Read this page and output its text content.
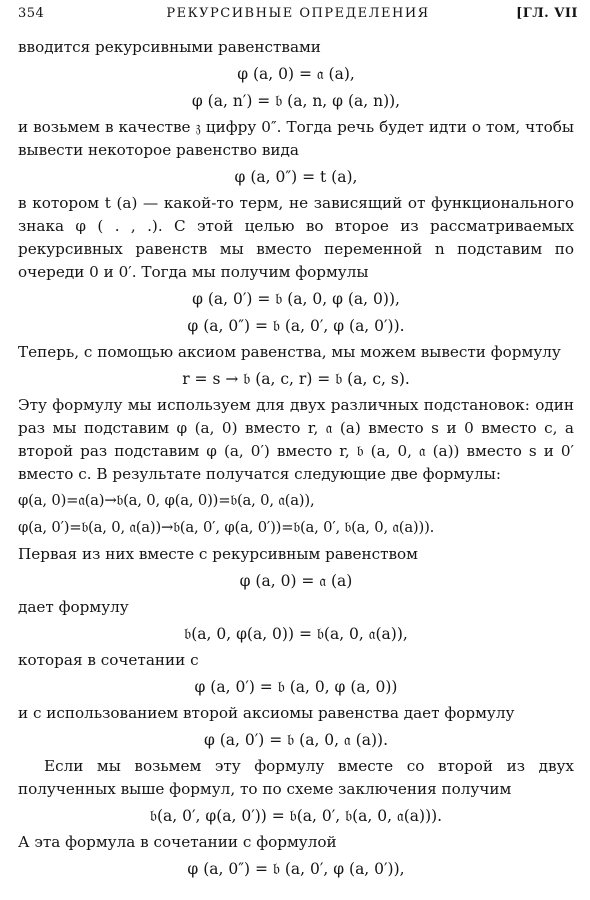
354	РЕКУРСИВНЫЕ ОПРЕДЕЛЕНИЯ	[ГЛ. VII

вводится рекурсивными равенствами

φ (a, 0) = 𝔞 (a),
φ (a, n′) = 𝔟 (a, n, φ (a, n)),

и возьмем в качестве 𝔷 цифру 0″. Тогда речь будет идти о том, чтобы вывести некоторое равенство вида

φ (a, 0″) = t (a),

в котором t (a) — какой-то терм, не зависящий от функционального знака φ ( . , .). С этой целью во второе из рассматриваемых рекурсивных равенств мы вместо переменной n подставим по очереди 0 и 0′. Тогда мы получим формулы

φ (a, 0′) = 𝔟 (a, 0, φ (a, 0)),
φ (a, 0″) = 𝔟 (a, 0′, φ (a, 0′)).

Теперь, с помощью аксиом равенства, мы можем вывести формулу

r = s → 𝔟 (a, c, r) = 𝔟 (a, c, s).

Эту формулу мы используем для двух различных подстановок: один раз мы подставим φ (a, 0) вместо r, 𝔞 (a) вместо s и 0 вместо c, а второй раз подставим φ (a, 0′) вместо r, 𝔟 (a, 0, 𝔞 (a)) вместо s и 0′ вместо c. В результате получатся следующие две формулы:

φ(a, 0)=𝔞(a)→𝔟(a, 0, φ(a, 0))=𝔟(a, 0, 𝔞(a)),
φ(a, 0′)=𝔟(a, 0, 𝔞(a))→𝔟(a, 0′, φ(a, 0′))=𝔟(a, 0′, 𝔟(a, 0, 𝔞(a))).

Первая из них вместе с рекурсивным равенством

φ (a, 0) = 𝔞 (a)

дает формулу

𝔟(a, 0, φ(a, 0)) = 𝔟(a, 0, 𝔞(a)),

которая в сочетании с

φ (a, 0′) = 𝔟 (a, 0, φ (a, 0))

и с использованием второй аксиомы равенства дает формулу

φ (a, 0′) = 𝔟 (a, 0, 𝔞 (a)).

Если мы возьмем эту формулу вместе со второй из двух полученных выше формул, то по схеме заключения получим

𝔟(a, 0′, φ(a, 0′)) = 𝔟(a, 0′, 𝔟(a, 0, 𝔞(a))).

А эта формула в сочетании с формулой

φ (a, 0″) = 𝔟 (a, 0′, φ (a, 0′)),
